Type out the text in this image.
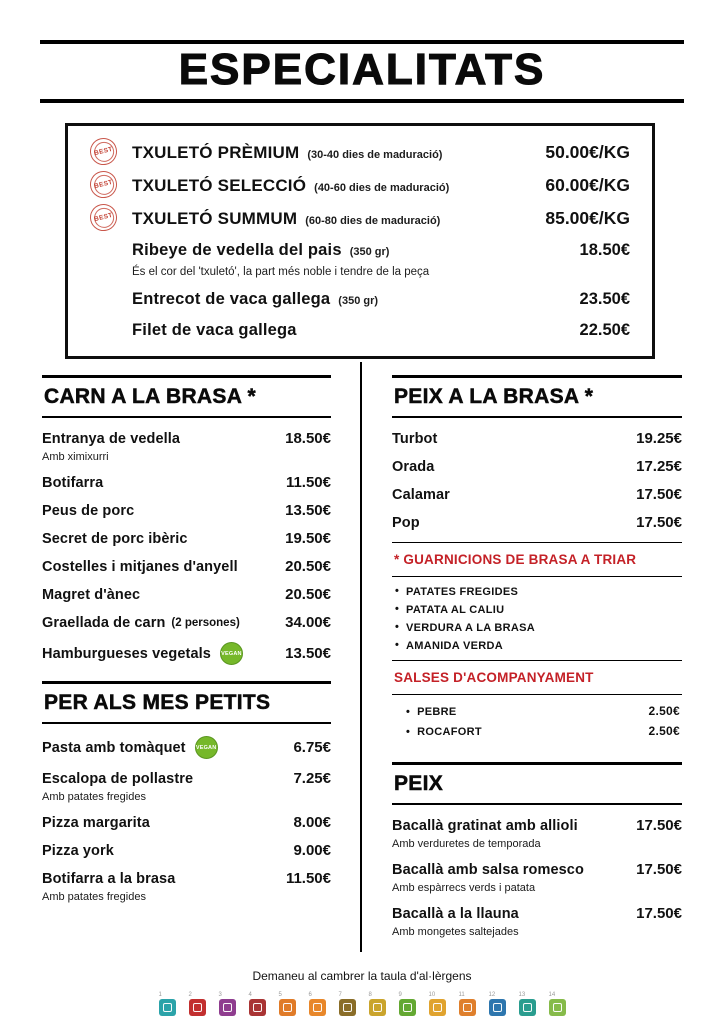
ESPECIALITATS
BEST TXULETÓ PRÈMIUM (30-40 dies de maduració)	50.00€/KG
BEST TXULETÓ SELECCIÓ (40-60 dies de maduració)	60.00€/KG
BEST TXULETÓ SUMMUM (60-80 dies de maduració)	85.00€/KG
Ribeye de vedella del pais (350 gr)	18.50€
És el cor del 'txuletó', la part més noble i tendre de la peça
Entrecot de vaca gallega (350 gr)	23.50€
Filet de vaca gallega	22.50€
CARN A LA BRASA *
Entranya de vedella	18.50€
Amb ximixurri
Botifarra	11.50€
Peus de porc	13.50€
Secret de porc ibèric	19.50€
Costelles i mitjanes d'anyell	20.50€
Magret d'ànec	20.50€
Graellada de carn (2 persones)	34.00€
Hamburgueses vegetals VEGAN	13.50€
PER ALS MES PETITS
Pasta amb tomàquet VEGAN	6.75€
Escalopa de pollastre	7.25€
Amb patates fregides
Pizza margarita	8.00€
Pizza york	9.00€
Botifarra a la brasa	11.50€
Amb patates fregides
PEIX A LA BRASA *
Turbot	19.25€
Orada	17.25€
Calamar	17.50€
Pop	17.50€
* GUARNICIONS DE BRASA A TRIAR
• PATATES FREGIDES
• PATATA AL CALIU
• VERDURA A LA BRASA
• AMANIDA VERDA
SALSES D'ACOMPANYAMENT
• PEBRE	2.50€
• ROCAFORT	2.50€
PEIX
Bacallà gratinat amb allioli	17.50€
Amb verduretes de temporada
Bacallà amb salsa romesco	17.50€
Amb espàrrecs verds i patata
Bacallà a la llauna	17.50€
Amb mongetes saltejades
Demaneu al cambrer la taula d'al·lèrgens
1	2	3	4	5	6	7	8	9	10	11	12	13	14
